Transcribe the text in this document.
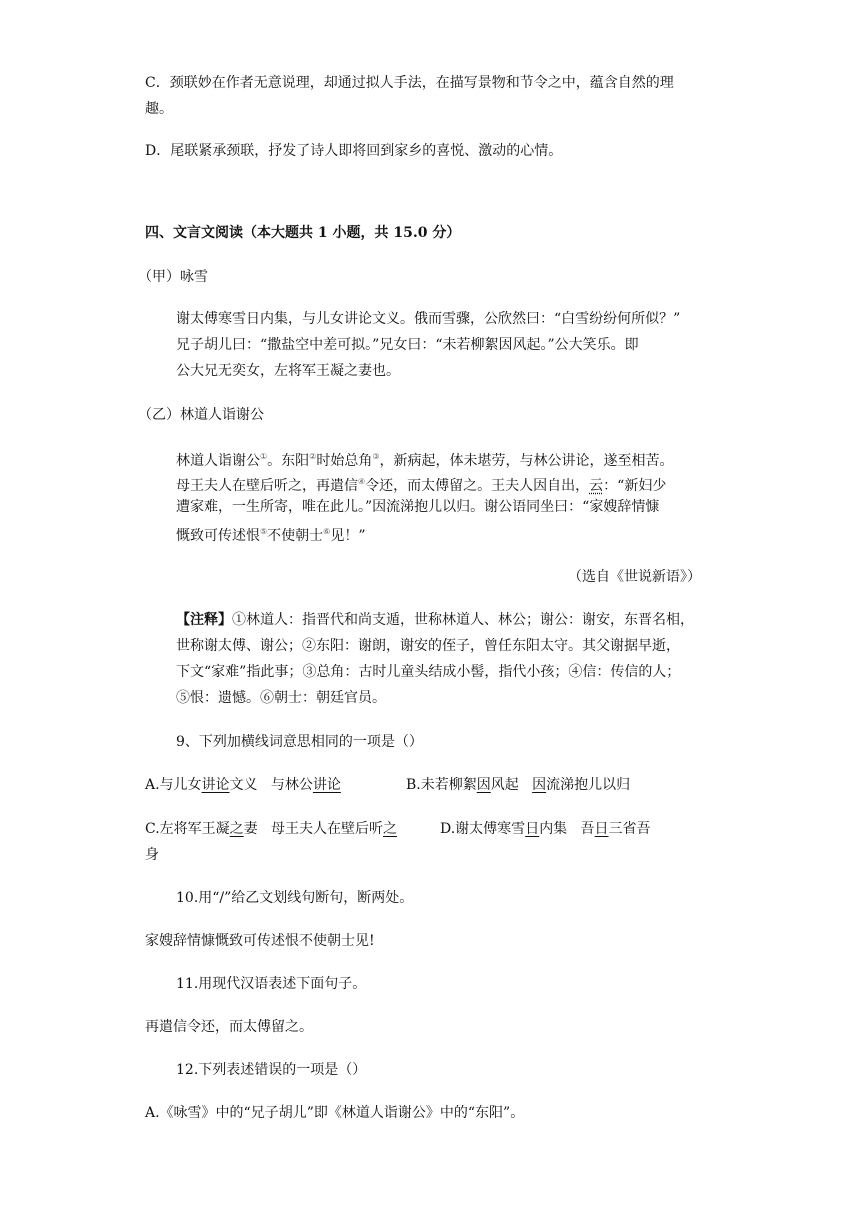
C．颈联妙在作者无意说理，却通过拟人手法，在描写景物和节令之中，蕴含自然的理
趣。
D．尾联紧承颈联，抒发了诗人即将回到家乡的喜悦、激动的心情。
四、文言文阅读（本大题共 1 小题，共 15.0 分）
（甲）咏雪
谢太傅寒雪日内集，与儿女讲论文义。俄而雪骤，公欣然曰：“白雪纷纷何所似？”
兄子胡儿曰：“撒盐空中差可拟。”兄女曰：“未若柳絮因风起。”公大笑乐。即
公大兄无奕女，左将军王凝之妻也。
（乙）林道人诣谢公
林道人诣谢公①。东阳②时始总角③，新病起，体未堪劳，与林公讲论，遂至相苦。
母王夫人在壁后听之，再遣信④令还，而太傅留之。王夫人因自出，云：“新妇少
遭家难，一生所寄，唯在此儿。”因流涕抱儿以归。谢公语同坐曰：“家嫂辞情慷
慨致可传述恨⑤不使朝士⑥见！”
（选自《世说新语》）
【注释】①林道人：指晋代和尚支遁，世称林道人、林公；谢公：谢安，东晋名相，
世称谢太傅、谢公；②东阳：谢朗，谢安的侄子，曾任东阳太守。其父谢据早逝，
下文“家难”指此事；③总角：古时儿童头结成小髻，指代小孩；④信：传信的人；
⑤恨：遗憾。⑥朝士：朝廷官员。
9、下列加横线词意思相同的一项是（）
A.与儿女讲论文义   与林公讲论	B.未若柳絮因风起   因流涕抱儿以归
C.左将军王凝之妻   母王夫人在壁后听之	D.谢太傅寒雪日内集   吾日三省吾
身
10.用“/”给乙文划线句断句，断两处。
家嫂辞情慷慨致可传述恨不使朝士见!
11.用现代汉语表述下面句子。
再遣信令还，而太傅留之。
12.下列表述错误的一项是（）
A.《咏雪》中的“兄子胡儿”即《林道人诣谢公》中的“东阳”。
